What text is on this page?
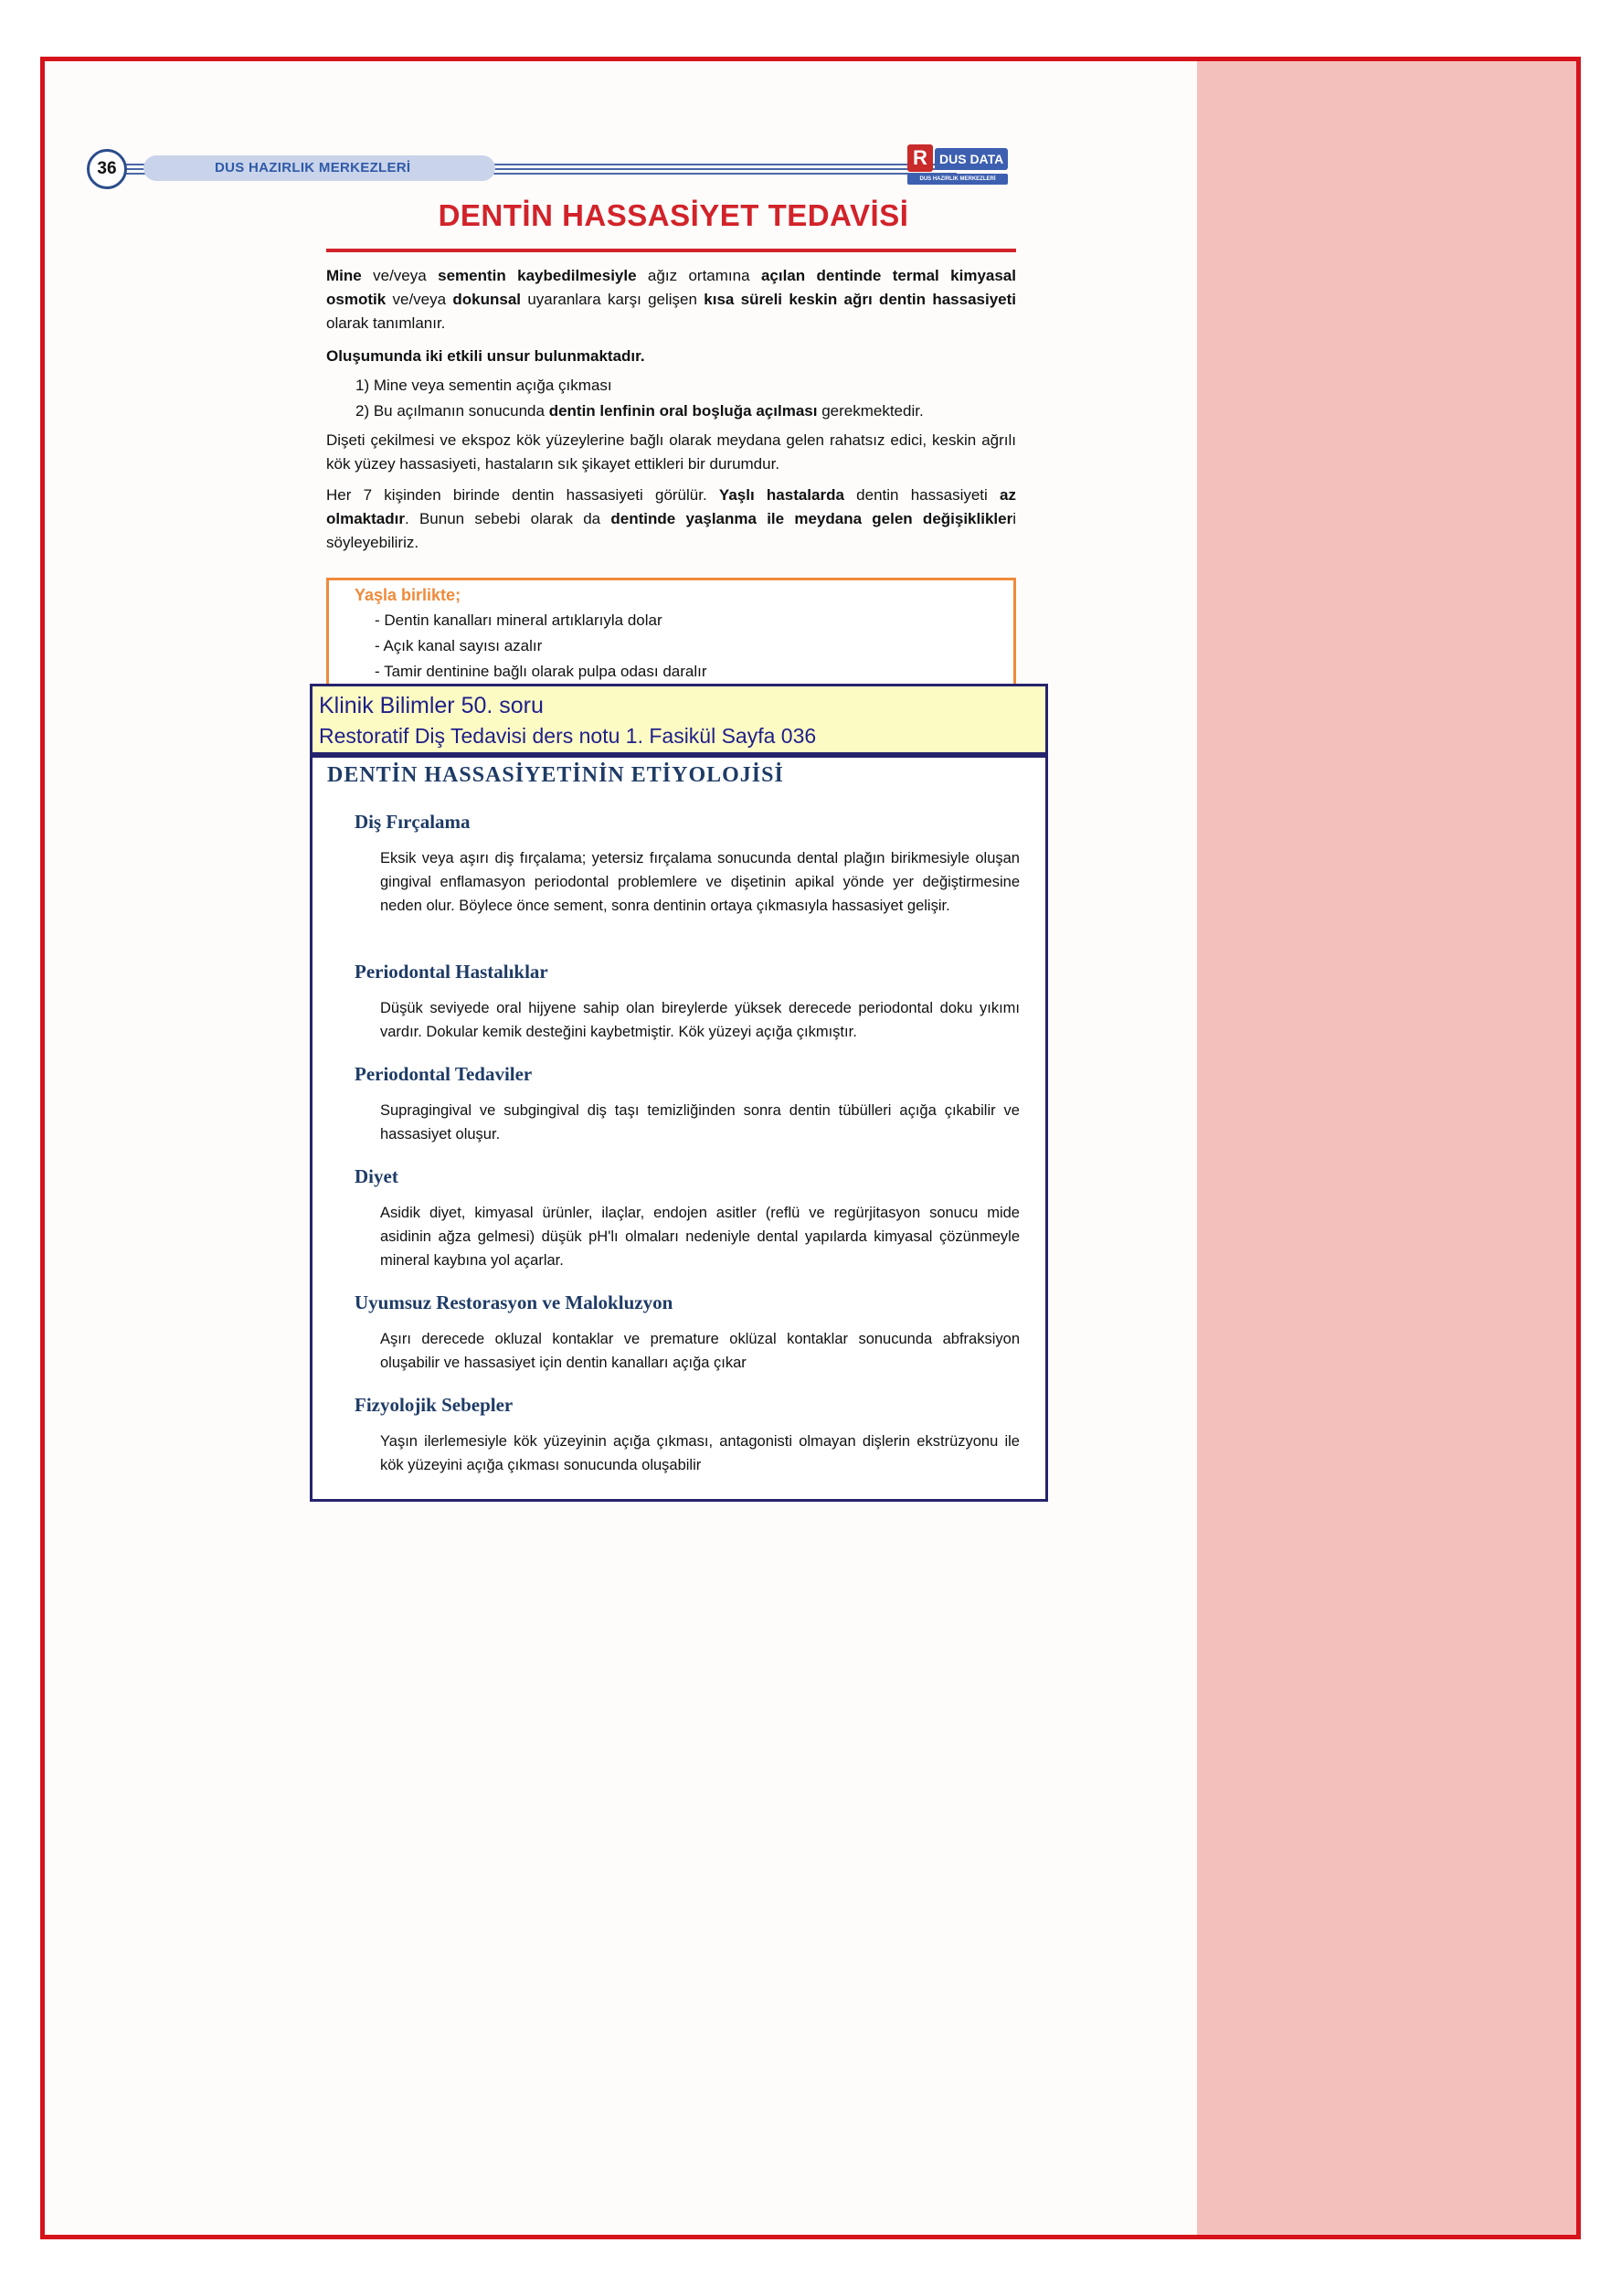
DUS HAZIRLIK MERKEZLERİ
36	R DUS DATA
DUS HAZIRLIK MERKEZLERİ
DENTİN HASSASİYET TEDAVİSİ
Mine ve/veya sementin kaybedilmesiyle ağız ortamına açılan dentinde termal kimyasal osmotik ve/veya dokunsal uyaranlara karşı gelişen kısa süreli keskin ağrı dentin hassasiyeti olarak tanımlanır.
Oluşumunda iki etkili unsur bulunmaktadır.
1) Mine veya sementin açığa çıkması
2) Bu açılmanın sonucunda dentin lenfinin oral boşluğa açılması gerekmektedir.
Dişeti çekilmesi ve ekspoz kök yüzeylerine bağlı olarak meydana gelen rahatsız edici, keskin ağrılı kök yüzey hassasiyeti, hastaların sık şikayet ettikleri bir durumdur.
Her 7 kişinden birinde dentin hassasiyeti görülür. Yaşlı hastalarda dentin hassasiyeti az olmaktadır. Bunun sebebi olarak da dentinde yaşlanma ile meydana gelen değişiklikleri söyleyebiliriz.
Yaşla birlikte;
- Dentin kanalları mineral artıklarıyla dolar
- Açık kanal sayısı azalır
- Tamir dentinine bağlı olarak pulpa odası daralır
Klinik Bilimler 50. soru
Restoratif Diş Tedavisi ders notu 1. Fasikül Sayfa 036
DENTİN HASSASİYETİNİN ETİYOLOJİSİ
Diş Fırçalama
Eksik veya aşırı diş fırçalama; yetersiz fırçalama sonucunda dental plağın birikmesiyle oluşan gingival enflamasyon periodontal problemlere ve dişetinin apikal yönde yer değiştirmesine neden olur. Böylece önce sement, sonra dentinin ortaya çıkmasıyla hassasiyet gelişir.
Periodontal Hastalıklar
Düşük seviyede oral hijyene sahip olan bireylerde yüksek derecede periodontal doku yıkımı vardır. Dokular kemik desteğini kaybetmiştir. Kök yüzeyi açığa çıkmıştır.
Periodontal Tedaviler
Supragingival ve subgingival diş taşı temizliğinden sonra dentin tübülleri açığa çıkabilir ve hassasiyet oluşur.
Diyet
Asidik diyet, kimyasal ürünler, ilaçlar, endojen asitler (reflü ve regürjitasyon sonucu mide asidinin ağza gelmesi) düşük pH'lı olmaları nedeniyle dental yapılarda kimyasal çözünmeyle mineral kaybına yol açarlar.
Uyumsuz Restorasyon ve Malokluzyon
Aşırı derecede okluzal kontaklar ve premature oklüzal kontaklar sonucunda abfraksiyon oluşabilir ve hassasiyet için dentin kanalları açığa çıkar
Fizyolojik Sebepler
Yaşın ilerlemesiyle kök yüzeyinin açığa çıkması, antagonisti olmayan dişlerin ekstrüzyonu ile kök yüzeyini açığa çıkması sonucunda oluşabilir
